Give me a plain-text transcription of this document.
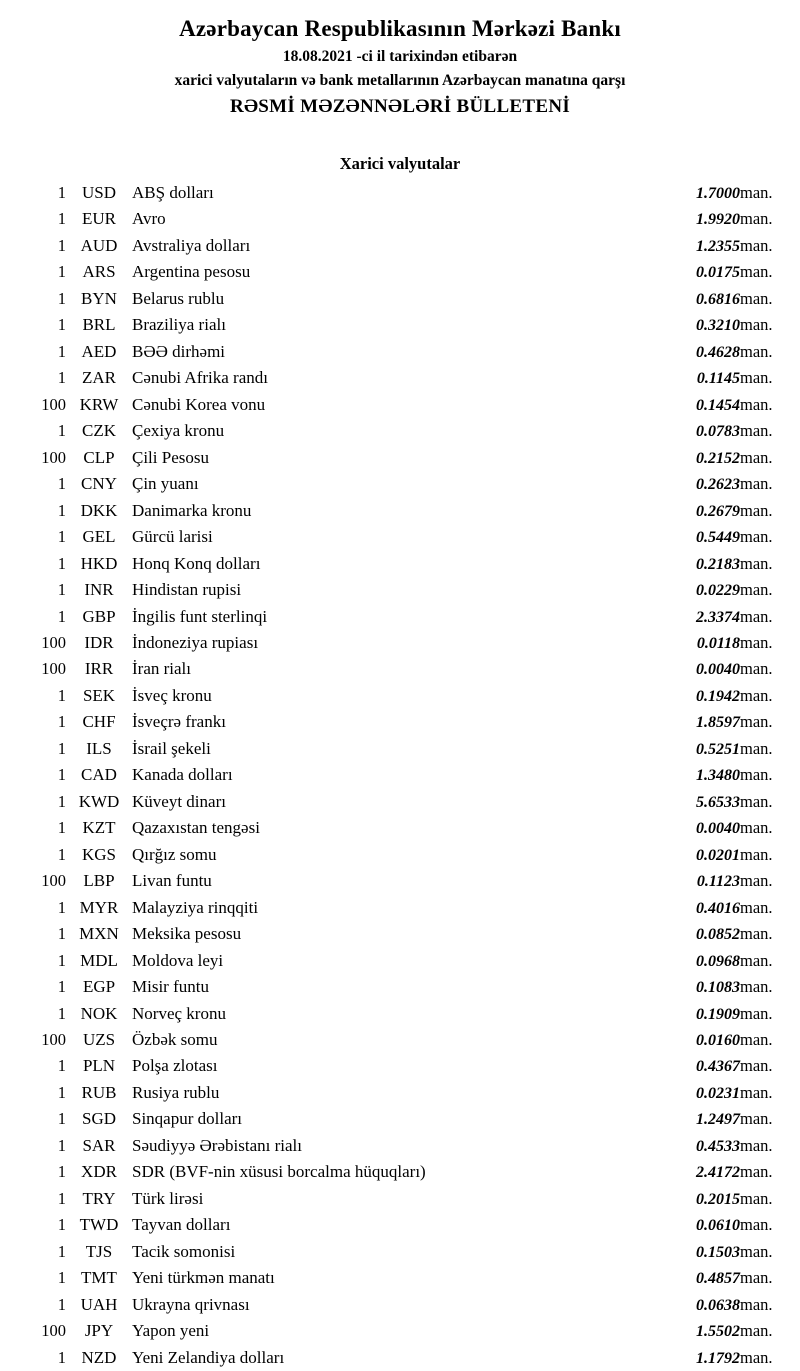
Azərbaycan Respublikasının Mərkəzi Bankı
18.08.2021 -ci il tarixindən etibarən
xarici valyutaların və bank metallarının Azərbaycan manatına qarşı
RƏSMİ MƏZƏNNƏLƏRİ BÜLLETENİ
Xarici valyutalar
1	USD	ABŞ dolları	1.7000	man.
1	EUR	Avro	1.9920	man.
1	AUD	Avstraliya dolları	1.2355	man.
1	ARS	Argentina pesosu	0.0175	man.
1	BYN	Belarus rublu	0.6816	man.
1	BRL	Braziliya rialı	0.3210	man.
1	AED	BƏƏ dirhəmi	0.4628	man.
1	ZAR	Cənubi Afrika randı	0.1145	man.
100	KRW	Cənubi Korea vonu	0.1454	man.
1	CZK	Çexiya kronu	0.0783	man.
100	CLP	Çili Pesosu	0.2152	man.
1	CNY	Çin yuanı	0.2623	man.
1	DKK	Danimarka kronu	0.2679	man.
1	GEL	Gürcü larisi	0.5449	man.
1	HKD	Honq Konq dolları	0.2183	man.
1	INR	Hindistan rupisi	0.0229	man.
1	GBP	İngilis funt sterlinqi	2.3374	man.
100	IDR	İndoneziya rupiası	0.0118	man.
100	IRR	İran rialı	0.0040	man.
1	SEK	İsveç kronu	0.1942	man.
1	CHF	İsveçrə frankı	1.8597	man.
1	ILS	İsrail şekeli	0.5251	man.
1	CAD	Kanada dolları	1.3480	man.
1	KWD	Küveyt dinarı	5.6533	man.
1	KZT	Qazaxıstan tengəsi	0.0040	man.
1	KGS	Qırğız somu	0.0201	man.
100	LBP	Livan funtu	0.1123	man.
1	MYR	Malayziya rinqqiti	0.4016	man.
1	MXN	Meksika pesosu	0.0852	man.
1	MDL	Moldova leyi	0.0968	man.
1	EGP	Misir funtu	0.1083	man.
1	NOK	Norveç kronu	0.1909	man.
100	UZS	Özbək somu	0.0160	man.
1	PLN	Polşa zlotası	0.4367	man.
1	RUB	Rusiya rublu	0.0231	man.
1	SGD	Sinqapur dolları	1.2497	man.
1	SAR	Səudiyyə Ərəbistanı rialı	0.4533	man.
1	XDR	SDR (BVF-nin xüsusi borcalma hüquqları)	2.4172	man.
1	TRY	Türk lirəsi	0.2015	man.
1	TWD	Tayvan dolları	0.0610	man.
1	TJS	Tacik somonisi	0.1503	man.
1	TMT	Yeni türkmən manatı	0.4857	man.
1	UAH	Ukrayna qrivnası	0.0638	man.
100	JPY	Yapon yeni	1.5502	man.
1	NZD	Yeni Zelandiya dolları	1.1792	man.
